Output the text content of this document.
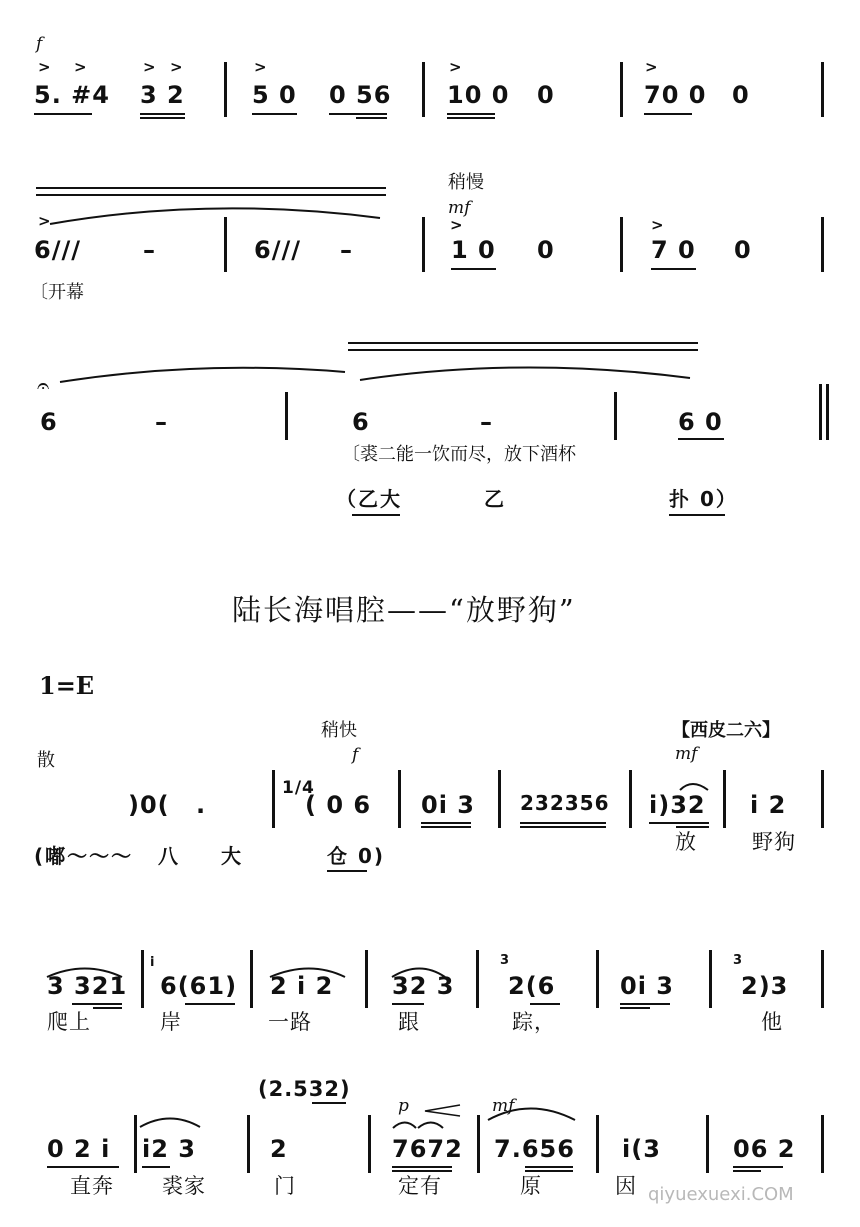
f
> >	> >	>	>	>
5. #4 3 2	5 0 0 56 10 0 0	70 0 0
稍慢
mf
>	>	>
6///	–	6/// –	1 0 0	7 0 0
〔开幕
𝄐
6	–	6	–	6 0
〔裘二能一饮而尽，放下酒杯
（乙大	乙	扑 0）
陆长海唱腔——“放野狗”
1=E
稍快	【西皮二六】
散	f	mf
)0( .
1/4
( 0 6 0i 3 232356 i)32 i 2
(嘟～～～ 八 大	仓 0)
放	野狗
i	3	3
3 321 6(61) 2 i 2 32 3 2(6	0i 3	2)3
爬上	岸	一路	跟	踪，	他
(2.532)
p	mf
0 2 i i2 3	2	7672 7.656 i(3	06 2
直奔 裘家	门	定有	原	因 qiyuexuexi.COM
